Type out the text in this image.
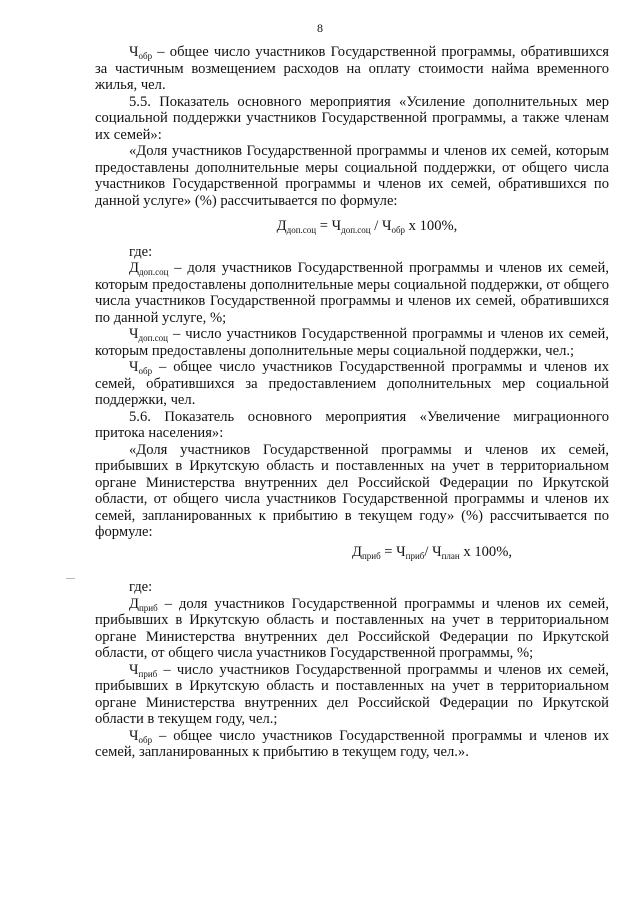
8

$Ч_{обр}$ – общее число участников Государственной программы, обратившихся за частичным возмещением расходов на оплату стоимости найма временного жилья, чел.

5.5. Показатель основного мероприятия «Усиление дополнительных мер социальной поддержки участников Государственной программы, а также членам их семей»:

«Доля участников Государственной программы и членов их семей, которым предоставлены дополнительные меры социальной поддержки, от общего числа участников Государственной программы и членов их семей, обратившихся по данной услуге» (%) рассчитывается по формуле:

$Д_{доп.соц} = Ч_{доп.соц} / Ч_{обр}$ x 100%,

где:

$Д_{доп.соц}$ – доля участников Государственной программы и членов их семей, которым предоставлены дополнительные меры социальной поддержки, от общего числа участников Государственной программы и членов их семей, обратившихся по данной услуге, %;

$Ч_{доп.соц}$ – число участников Государственной программы и членов их семей, которым предоставлены дополнительные меры социальной поддержки, чел.;

$Ч_{обр}$ – общее число участников Государственной программы и членов их семей, обратившихся за предоставлением дополнительных мер социальной поддержки, чел.

5.6. Показатель основного мероприятия «Увеличение миграционного притока населения»:

«Доля участников Государственной программы и членов их семей, прибывших в Иркутскую область и поставленных на учет в территориальном органе Министерства внутренних дел Российской Федерации по Иркутской области, от общего числа участников Государственной программы и членов их семей, запланированных к прибытию в текущем году» (%) рассчитывается по формуле:

$Д_{приб} = Ч_{приб}/$ $Ч_{план}$ x 100%,

где:

$Д_{приб}$ – доля участников Государственной программы и членов их семей, прибывших в Иркутскую область и поставленных на учет в территориальном органе Министерства внутренних дел Российской Федерации по Иркутской области, от общего числа участников Государственной программы, %;

$Ч_{приб}$ – число участников Государственной программы и членов их семей, прибывших в Иркутскую область и поставленных на учет в территориальном органе Министерства внутренних дел Российской Федерации по Иркутской области в текущем году, чел.;

$Ч_{обр}$ – общее число участников Государственной программы и членов их семей, запланированных к прибытию в текущем году, чел.».
